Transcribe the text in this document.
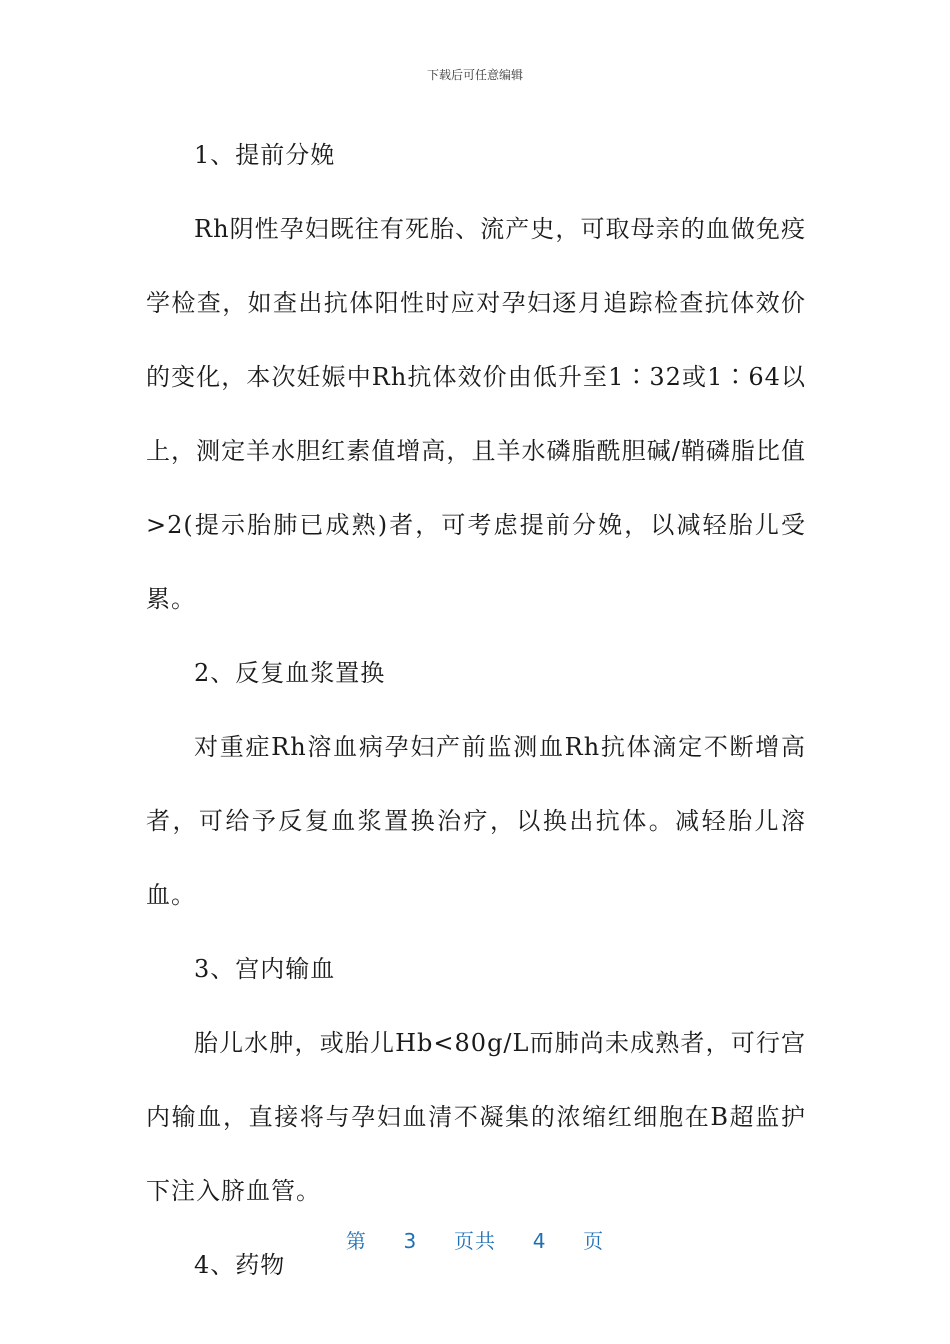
下载后可任意编辑

1、提前分娩

Rh阴性孕妇既往有死胎、流产史，可取母亲的血做免疫学检查，如查出抗体阳性时应对孕妇逐月追踪检查抗体效价的变化，本次妊娠中Rh抗体效价由低升至1∶32或1∶64以上，测定羊水胆红素值增高，且羊水磷脂酰胆碱/鞘磷脂比值>2(提示胎肺已成熟)者，可考虑提前分娩，以减轻胎儿受累。

2、反复血浆置换

对重症Rh溶血病孕妇产前监测血Rh抗体滴定不断增高者，可给予反复血浆置换治疗，以换出抗体。减轻胎儿溶血。

3、宫内输血

胎儿水肿，或胎儿Hb<80g/L而肺尚未成熟者，可行宫内输血，直接将与孕妇血清不凝集的浓缩红细胞在B超监护下注入脐血管。

4、药物

第 3 页共 4 页
